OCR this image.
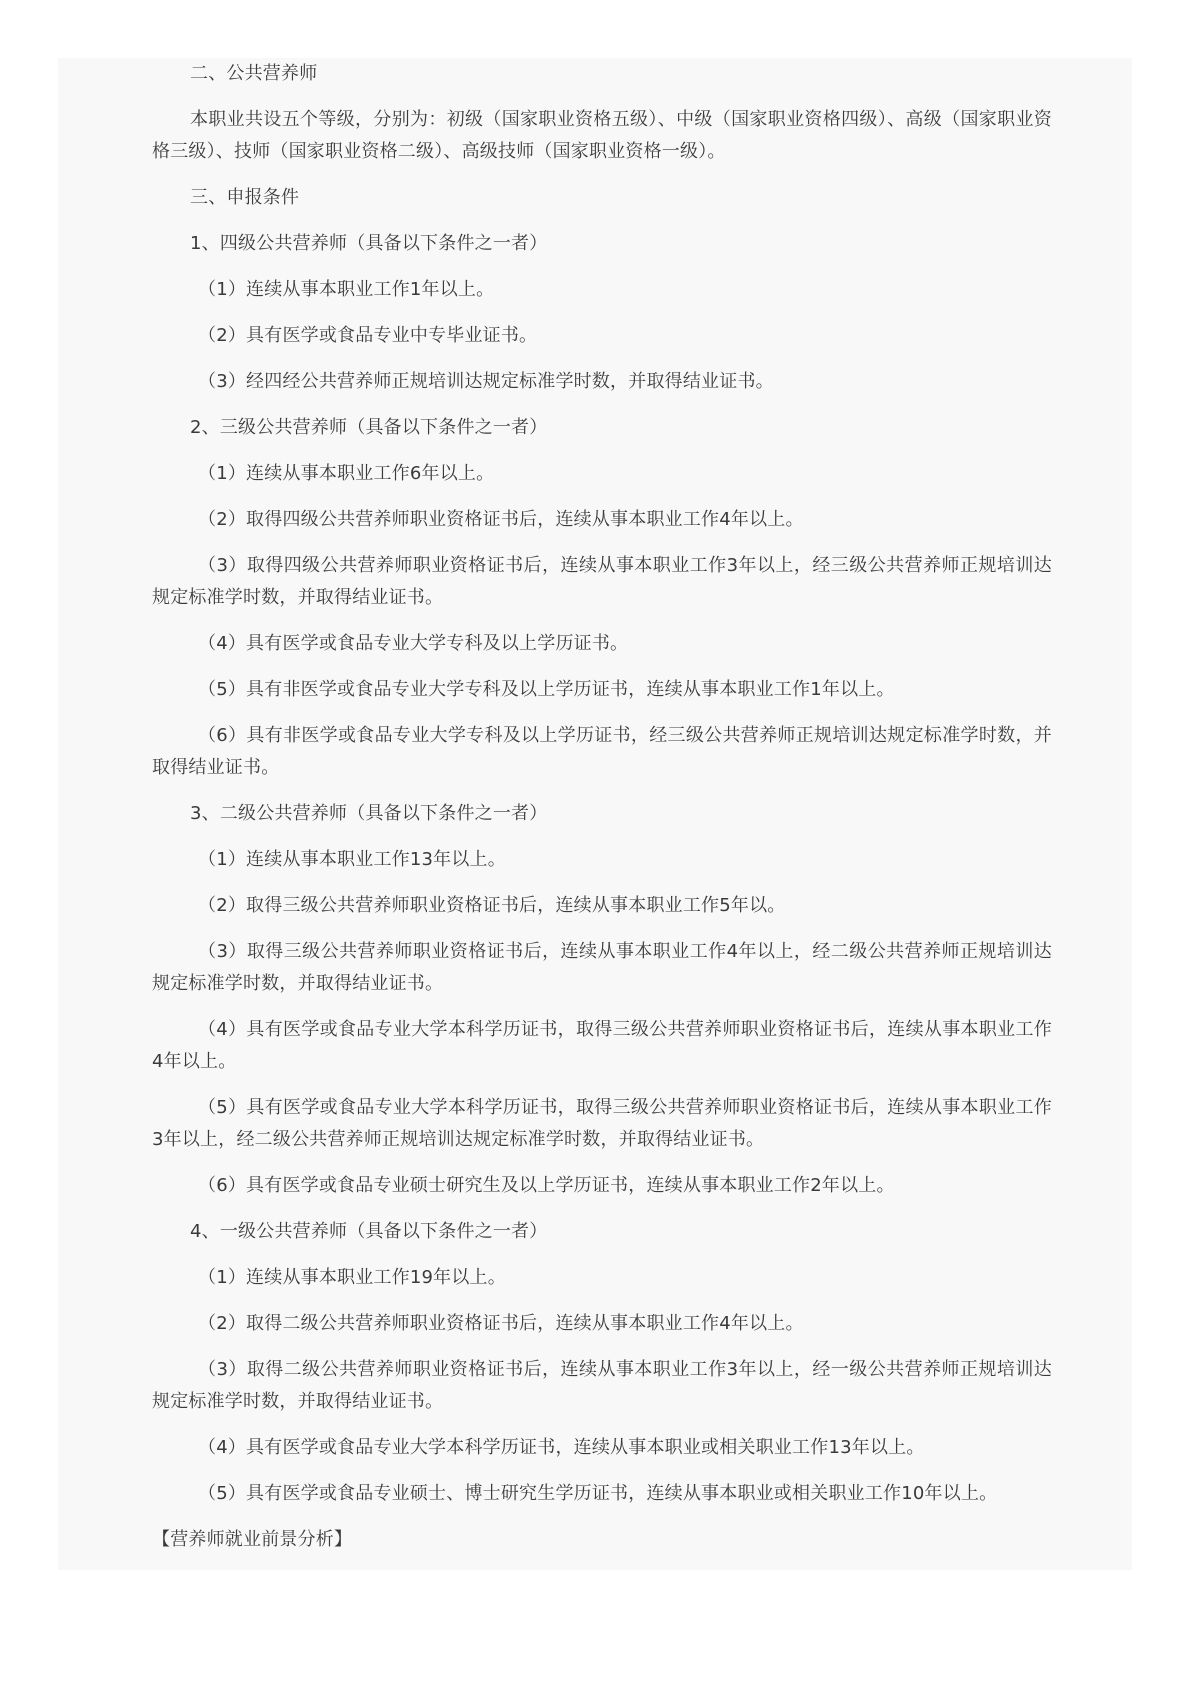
二、公共营养师

本职业共设五个等级，分别为：初级（国家职业资格五级）、中级（国家职业资格四级）、高级（国家职业资格三级）、技师（国家职业资格二级）、高级技师（国家职业资格一级）。

三、申报条件

1、四级公共营养师（具备以下条件之一者）

（1）连续从事本职业工作1年以上。

（2）具有医学或食品专业中专毕业证书。

（3）经四经公共营养师正规培训达规定标准学时数，并取得结业证书。

2、三级公共营养师（具备以下条件之一者）

（1）连续从事本职业工作6年以上。

（2）取得四级公共营养师职业资格证书后，连续从事本职业工作4年以上。

（3）取得四级公共营养师职业资格证书后，连续从事本职业工作3年以上，经三级公共营养师正规培训达规定标准学时数，并取得结业证书。

（4）具有医学或食品专业大学专科及以上学历证书。

（5）具有非医学或食品专业大学专科及以上学历证书，连续从事本职业工作1年以上。

（6）具有非医学或食品专业大学专科及以上学历证书，经三级公共营养师正规培训达规定标准学时数，并取得结业证书。

3、二级公共营养师（具备以下条件之一者）

（1）连续从事本职业工作13年以上。

（2）取得三级公共营养师职业资格证书后，连续从事本职业工作5年以。

（3）取得三级公共营养师职业资格证书后，连续从事本职业工作4年以上，经二级公共营养师正规培训达规定标准学时数，并取得结业证书。

（4）具有医学或食品专业大学本科学历证书，取得三级公共营养师职业资格证书后，连续从事本职业工作4年以上。

（5）具有医学或食品专业大学本科学历证书，取得三级公共营养师职业资格证书后，连续从事本职业工作3年以上，经二级公共营养师正规培训达规定标准学时数，并取得结业证书。

（6）具有医学或食品专业硕士研究生及以上学历证书，连续从事本职业工作2年以上。

4、一级公共营养师（具备以下条件之一者）

（1）连续从事本职业工作19年以上。

（2）取得二级公共营养师职业资格证书后，连续从事本职业工作4年以上。

（3）取得二级公共营养师职业资格证书后，连续从事本职业工作3年以上，经一级公共营养师正规培训达规定标准学时数，并取得结业证书。

（4）具有医学或食品专业大学本科学历证书，连续从事本职业或相关职业工作13年以上。

（5）具有医学或食品专业硕士、博士研究生学历证书，连续从事本职业或相关职业工作10年以上。

【营养师就业前景分析】
